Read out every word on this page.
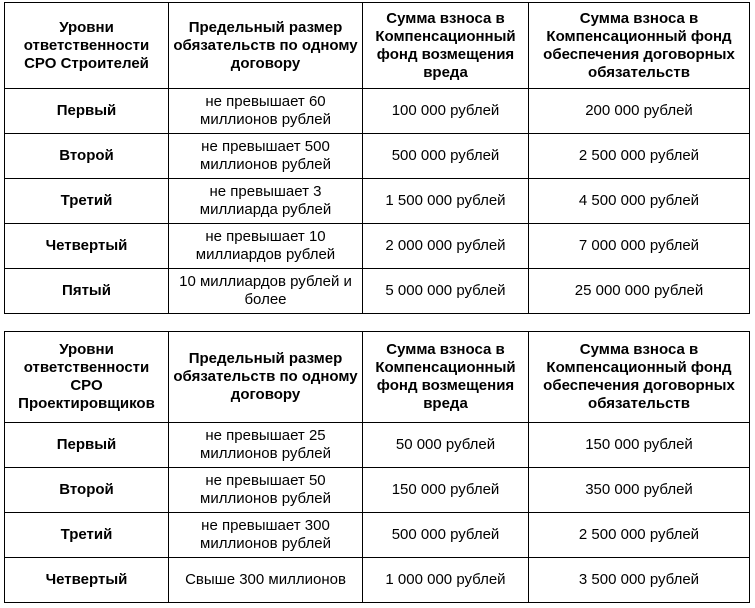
Уровни ответственности СРО Строителей	Предельный размер обязательств по одному договору	Сумма взноса в Компенсационный фонд возмещения вреда	Сумма взноса в Компенсационный фонд обеспечения договорных обязательств
Первый	не превышает 60 миллионов рублей	100 000 рублей	200 000 рублей
Второй	не превышает 500 миллионов рублей	500 000 рублей	2 500 000 рублей
Третий	не превышает 3 миллиарда рублей	1 500 000 рублей	4 500 000 рублей
Четвертый	не превышает 10 миллиардов рублей	2 000 000 рублей	7 000 000 рублей
Пятый	10 миллиардов рублей и более	5 000 000 рублей	25 000 000 рублей
Уровни ответственности СРО Проектировщиков	Предельный размер обязательств по одному договору	Сумма взноса в Компенсационный фонд возмещения вреда	Сумма взноса в Компенсационный фонд обеспечения договорных обязательств
Первый	не превышает 25 миллионов рублей	50 000 рублей	150 000 рублей
Второй	не превышает 50 миллионов рублей	150 000 рублей	350 000 рублей
Третий	не превышает 300 миллионов рублей	500 000 рублей	2 500 000 рублей
Четвертый	Свыше 300 миллионов	1 000 000 рублей	3 500 000 рублей
